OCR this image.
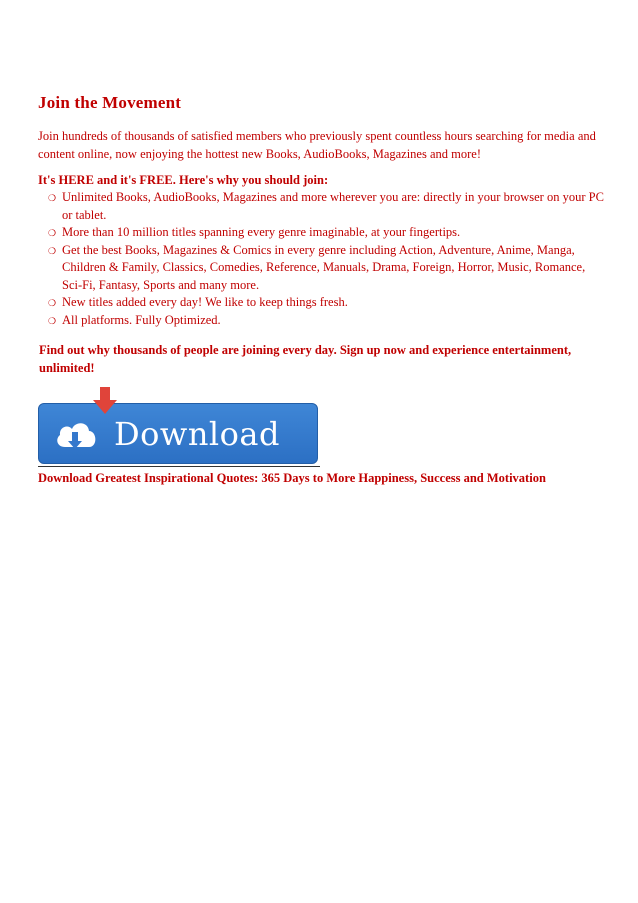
Join the Movement

Join hundreds of thousands of satisfied members who previously spent countless hours searching for media and content online, now enjoying the hottest new Books, AudioBooks, Magazines and more!

It's HERE and it's FREE. Here's why you should join:

❍ Unlimited Books, AudioBooks, Magazines and more wherever you are: directly in your browser on your PC or tablet.
❍ More than 10 million titles spanning every genre imaginable, at your fingertips.
❍ Get the best Books, Magazines & Comics in every genre including Action, Adventure, Anime, Manga, Children & Family, Classics, Comedies, Reference, Manuals, Drama, Foreign, Horror, Music, Romance, Sci-Fi, Fantasy, Sports and many more.
❍ New titles added every day! We like to keep things fresh.
❍ All platforms. Fully Optimized.

Find out why thousands of people are joining every day. Sign up now and experience entertainment, unlimited!

Download
Download Greatest Inspirational Quotes: 365 Days to More Happiness, Success and Motivation
